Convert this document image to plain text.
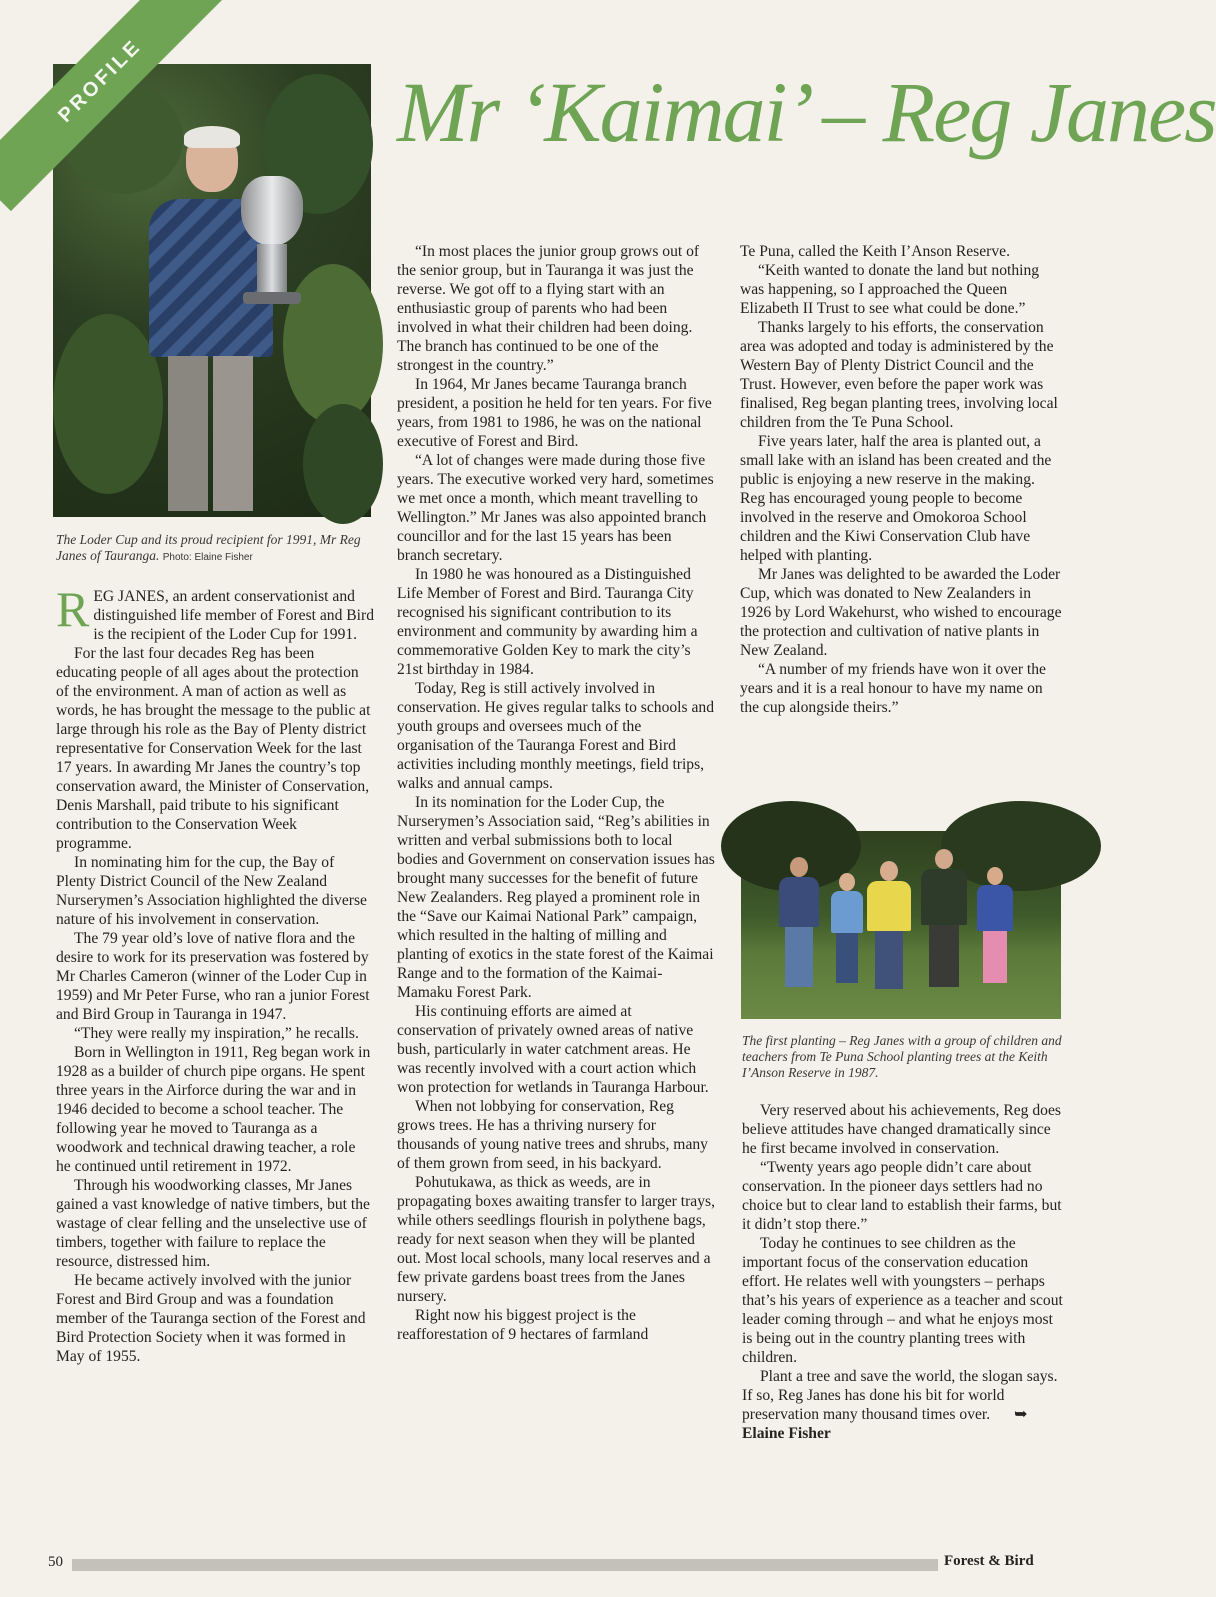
PROFILE	Mr ‘Kaimai’ – Reg Janes
The Loder Cup and its proud recipient for 1991, Mr Reg Janes of Tauranga. Photo: Elaine Fisher

REG JANES, an ardent conservationist and distinguished life member of Forest and Bird is the recipient of the Loder Cup for 1991.

For the last four decades Reg has been educating people of all ages about the protection of the environment. A man of action as well as words, he has brought the message to the public at large through his role as the Bay of Plenty district representative for Conservation Week for the last 17 years. In awarding Mr Janes the country’s top conservation award, the Minister of Conservation, Denis Marshall, paid tribute to his significant contribution to the Conservation Week programme.

In nominating him for the cup, the Bay of Plenty District Council of the New Zealand Nurserymen’s Association highlighted the diverse nature of his involvement in conservation.

The 79 year old’s love of native flora and the desire to work for its preservation was fostered by Mr Charles Cameron (winner of the Loder Cup in 1959) and Mr Peter Furse, who ran a junior Forest and Bird Group in Tauranga in 1947.

“They were really my inspiration,” he recalls.

Born in Wellington in 1911, Reg began work in 1928 as a builder of church pipe organs. He spent three years in the Airforce during the war and in 1946 decided to become a school teacher. The following year he moved to Tauranga as a woodwork and technical drawing teacher, a role he continued until retirement in 1972.

Through his woodworking classes, Mr Janes gained a vast knowledge of native timbers, but the wastage of clear felling and the unselective use of timbers, together with failure to replace the resource, distressed him.

He became actively involved with the junior Forest and Bird Group and was a foundation member of the Tauranga section of the Forest and Bird Protection Society when it was formed in May of 1955.

“In most places the junior group grows out of the senior group, but in Tauranga it was just the reverse. We got off to a flying start with an enthusiastic group of parents who had been involved in what their children had been doing. The branch has continued to be one of the strongest in the country.”

In 1964, Mr Janes became Tauranga branch president, a position he held for ten years. For five years, from 1981 to 1986, he was on the national executive of Forest and Bird.

“A lot of changes were made during those five years. The executive worked very hard, sometimes we met once a month, which meant travelling to Wellington.” Mr Janes was also appointed branch councillor and for the last 15 years has been branch secretary.

In 1980 he was honoured as a Distinguished Life Member of Forest and Bird. Tauranga City recognised his significant contribution to its environment and community by awarding him a commemorative Golden Key to mark the city’s 21st birthday in 1984.

Today, Reg is still actively involved in conservation. He gives regular talks to schools and youth groups and oversees much of the organisation of the Tauranga Forest and Bird activities including monthly meetings, field trips, walks and annual camps.

In its nomination for the Loder Cup, the Nurserymen’s Association said, “Reg’s abilities in written and verbal submissions both to local bodies and Government on conservation issues has brought many successes for the benefit of future New Zealanders. Reg played a prominent role in the “Save our Kaimai National Park” campaign, which resulted in the halting of milling and planting of exotics in the state forest of the Kaimai Range and to the formation of the Kaimai-Mamaku Forest Park.

His continuing efforts are aimed at conservation of privately owned areas of native bush, particularly in water catchment areas. He was recently involved with a court action which won protection for wetlands in Tauranga Harbour.

When not lobbying for conservation, Reg grows trees. He has a thriving nursery for thousands of young native trees and shrubs, many of them grown from seed, in his backyard.

Pohutukawa, as thick as weeds, are in propagating boxes awaiting transfer to larger trays, while others seedlings flourish in polythene bags, ready for next season when they will be planted out. Most local schools, many local reserves and a few private gardens boast trees from the Janes nursery.

Right now his biggest project is the reafforestation of 9 hectares of farmland

Te Puna, called the Keith I’Anson Reserve.

“Keith wanted to donate the land but nothing was happening, so I approached the Queen Elizabeth II Trust to see what could be done.”

Thanks largely to his efforts, the conservation area was adopted and today is administered by the Western Bay of Plenty District Council and the Trust. However, even before the paper work was finalised, Reg began planting trees, involving local children from the Te Puna School.

Five years later, half the area is planted out, a small lake with an island has been created and the public is enjoying a new reserve in the making. Reg has encouraged young people to become involved in the reserve and Omokoroa School children and the Kiwi Conservation Club have helped with planting.

Mr Janes was delighted to be awarded the Loder Cup, which was donated to New Zealanders in 1926 by Lord Wakehurst, who wished to encourage the protection and cultivation of native plants in New Zealand.

“A number of my friends have won it over the years and it is a real honour to have my name on the cup alongside theirs.”

The first planting – Reg Janes with a group of children and teachers from Te Puna School planting trees at the Keith I’Anson Reserve in 1987.

Very reserved about his achievements, Reg does believe attitudes have changed dramatically since he first became involved in conservation.

“Twenty years ago people didn’t care about conservation. In the pioneer days settlers had no choice but to clear land to establish their farms, but it didn’t stop there.”

Today he continues to see children as the important focus of the conservation education effort. He relates well with youngsters – perhaps that’s his years of experience as a teacher and scout leader coming through – and what he enjoys most is being out in the country planting trees with children.

Plant a tree and save the world, the slogan says. If so, Reg Janes has done his bit for world preservation many thousand times over. ➥

Elaine Fisher

50	Forest & Bird
